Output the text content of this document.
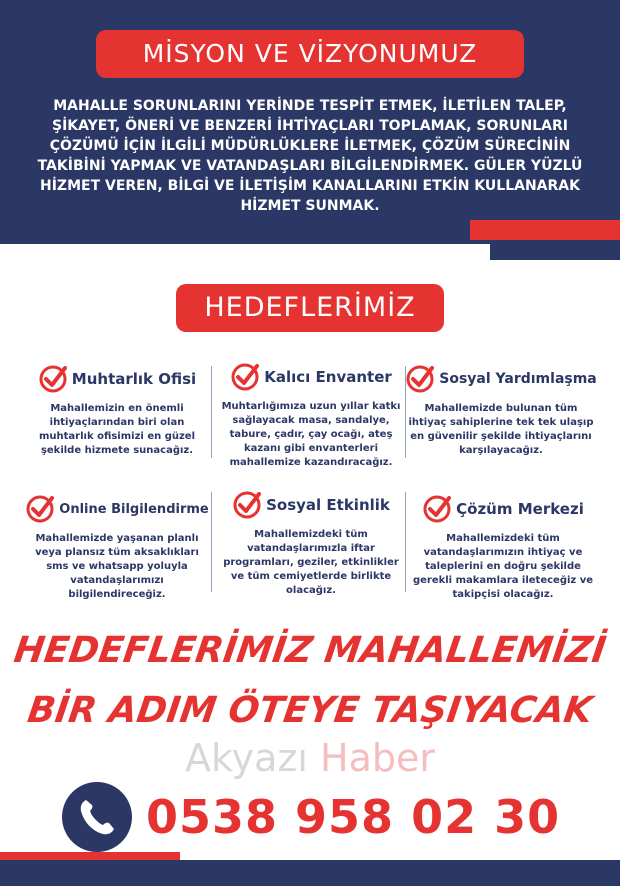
MİSYON VE VİZYONUMUZ
MAHALLE SORUNLARINI YERİNDE TESPİT ETMEK, İLETİLEN TALEP, ŞİKAYET, ÖNERİ VE BENZERİ İHTİYAÇLARI TOPLAMAK, SORUNLARI ÇÖZÜMÜ İÇİN İLGİLİ MÜDÜRLÜKLERE İLETMEK, ÇÖZÜM SÜRECİNİN TAKİBİNİ YAPMAK VE VATANDAŞLARI BİLGİLENDİRMEK. GÜLER YÜZLÜ HİZMET VEREN, BİLGİ VE İLETİŞİM KANALLARINI ETKİN KULLANARAK HİZMET SUNMAK.
HEDEFLERİMİZ
Muhtarlık Ofisi
Mahallemizin en önemli ihtiyaçlarından biri olan muhtarlık ofisimizi en güzel şekilde hizmete sunacağız.
Kalıcı Envanter
Muhtarlığımıza uzun yıllar katkı sağlayacak masa, sandalye, tabure, çadır, çay ocağı, ateş kazanı gibi envanterleri mahallemize kazandıracağız.
Sosyal Yardımlaşma
Mahallemizde bulunan tüm ihtiyaç sahiplerine tek tek ulaşıp en güvenilir şekilde ihtiyaçlarını karşılayacağız.
Online Bilgilendirme
Mahallemizde yaşanan planlı veya plansız tüm aksaklıkları sms ve whatsapp yoluyla vatandaşlarımızı bilgilendireceğiz.
Sosyal Etkinlik
Mahallemizdeki tüm vatandaşlarımızla iftar programları, geziler, etkinlikler ve tüm cemiyetlerde birlikte olacağız.
Çözüm Merkezi
Mahallemizdeki tüm vatandaşlarımızın ihtiyaç ve taleplerini en doğru şekilde gerekli makamlara ileteceğiz ve takipçisi olacağız.
HEDEFLERİMİZ MAHALLEMİZİ
BİR ADIM ÖTEYE TAŞIYACAK
Akyazı Haber
0538 958 02 30
